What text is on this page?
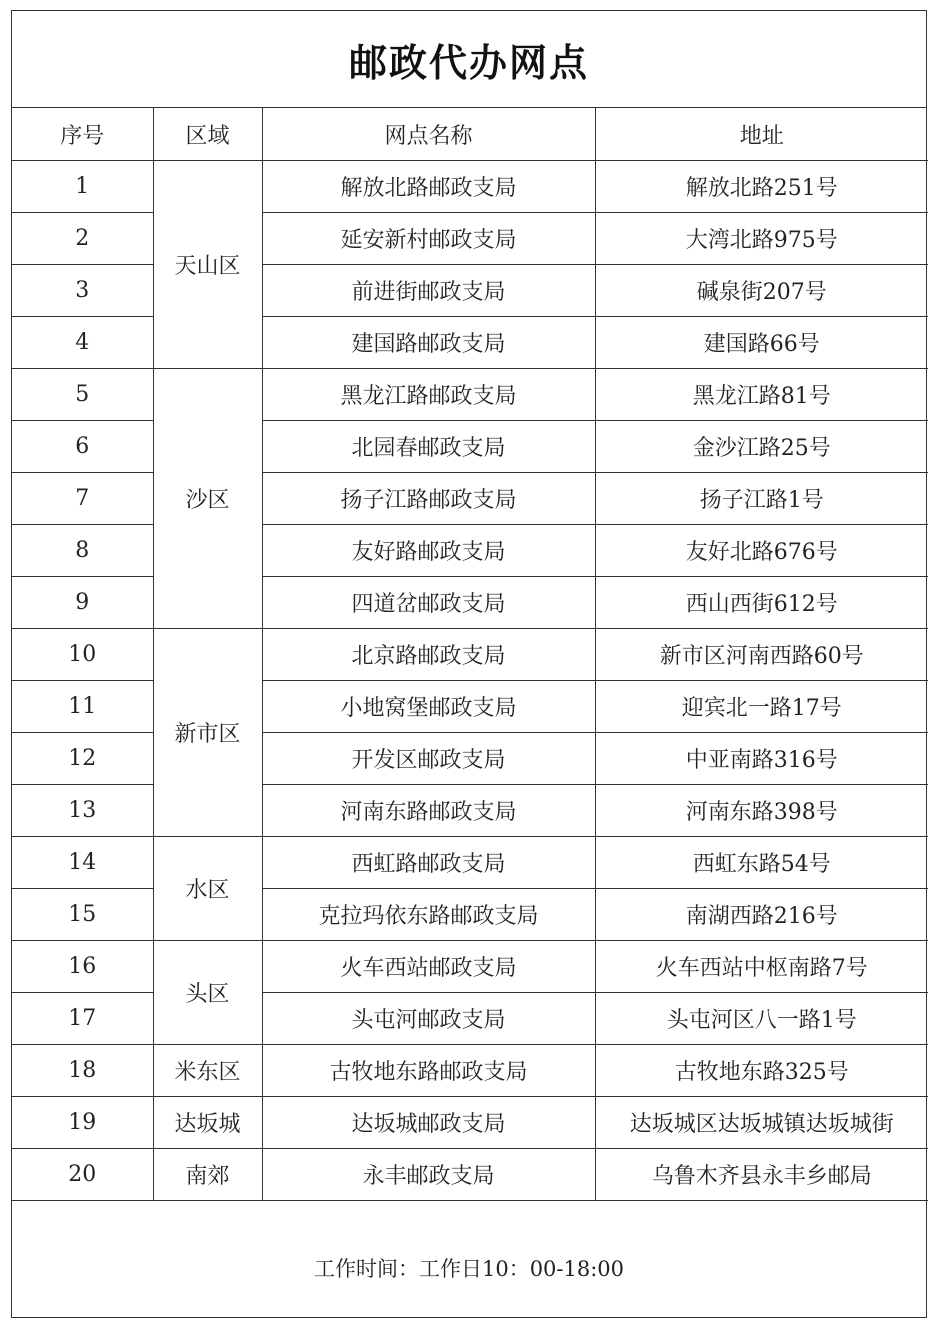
邮政代办网点
序号	区域	网点名称	地址
1	天山区	解放北路邮政支局	解放北路251号
2		延安新村邮政支局	大湾北路975号
3		前进街邮政支局	碱泉街207号
4		建国路邮政支局	建国路66号
5	沙区	黑龙江路邮政支局	黑龙江路81号
6		北园春邮政支局	金沙江路25号
7		扬子江路邮政支局	扬子江路1号
8		友好路邮政支局	友好北路676号
9		四道岔邮政支局	西山西街612号
10	新市区	北京路邮政支局	新市区河南西路60号
11		小地窝堡邮政支局	迎宾北一路17号
12		开发区邮政支局	中亚南路316号
13		河南东路邮政支局	河南东路398号
14	水区	西虹路邮政支局	西虹东路54号
15		克拉玛依东路邮政支局	南湖西路216号
16	头区	火车西站邮政支局	火车西站中枢南路7号
17		头屯河邮政支局	头屯河区八一路1号
18	米东区	古牧地东路邮政支局	古牧地东路325号
19	达坂城	达坂城邮政支局	达坂城区达坂城镇达坂城街
20	南郊	永丰邮政支局	乌鲁木齐县永丰乡邮局
工作时间：工作日10：00-18:00
